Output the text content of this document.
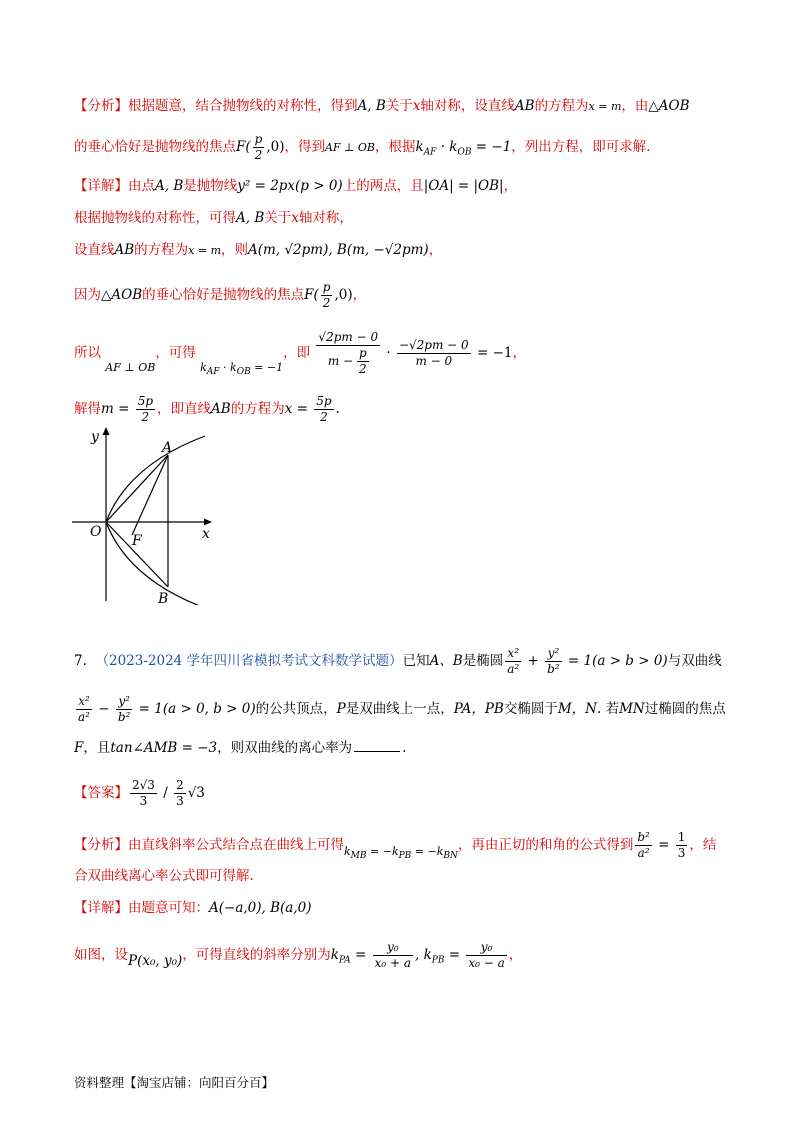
【分析】根据题意，结合抛物线的对称性，得到A, B关于x轴对称，设直线AB的方程为x = m，由△AOB
的垂心恰好是抛物线的焦点$F( \frac{p}{2} ,0)$，得到AF ⊥ OB，根据$k_{AF} \cdot k_{OB} = -1$，列出方程，即可求解.
【详解】由点A, B是抛物线y² = 2px(p > 0)上的两点，且|OA| = |OB|，
根据抛物线的对称性，可得A, B关于x轴对称，
设直线AB的方程为x = m，则A(m, √2pm), B(m, −√2pm)，
因为△AOB的垂心恰好是抛物线的焦点$F( \frac{p}{2} ,0)$，
所以 $_{AF \perp OB}$，可得 $_{k_{AF} \cdot k_{OB} = -1}$，即 $\frac{√2pm - 0}{m - \frac{p}{2}} \cdot \frac{-√2pm - 0}{m - 0} = -1$，
解得$m = \frac{5p}{2}$ ，即直线AB的方程为$x = \frac{5p}{2}$ .
y
x
O
A
B
F
7. （2023-2024 学年四川省模拟考试文科数学试题）已知A、B是椭圆 $\frac{\text{x²}}{\text{a²}} + \frac{\text{y²}}{\text{b²}} = 1(a > b > 0)$与双曲线
$\frac{\text{x²}}{\text{a²}} - \frac{\text{y²}}{\text{b²}} = 1(a > 0$, b > 0)的公共顶点，P是双曲线上一点，PA，PB交椭圆于M，N. 若MN过椭圆的焦点
F，且tan∠AMB = −3，则双曲线的离心率为	.
【答案】 $\frac{2√3}{3} / \frac{2}{3} √3$
【分析】由直线斜率公式结合点在曲线上可得$_{k_{MB} = -k_{PB} = -k_{BN}}$，再由正切的和角的公式得到 $\frac{\text{b²}}{\text{a²}} = \frac{1}{3}$ ，结
合双曲线离心率公式即可得解.
【详解】由题意可知：A(−a,0), B(a,0)
如图，设P(x₀, y₀)，可得直线的斜率分别为$k_{PA} = \frac{\text{y₀}}{\text{x₀ + a}}$ , $k_{PB} = \frac{\text{y₀}}{\text{x₀ − a}}$ ，
资料整理【淘宝店铺：向阳百分百】
